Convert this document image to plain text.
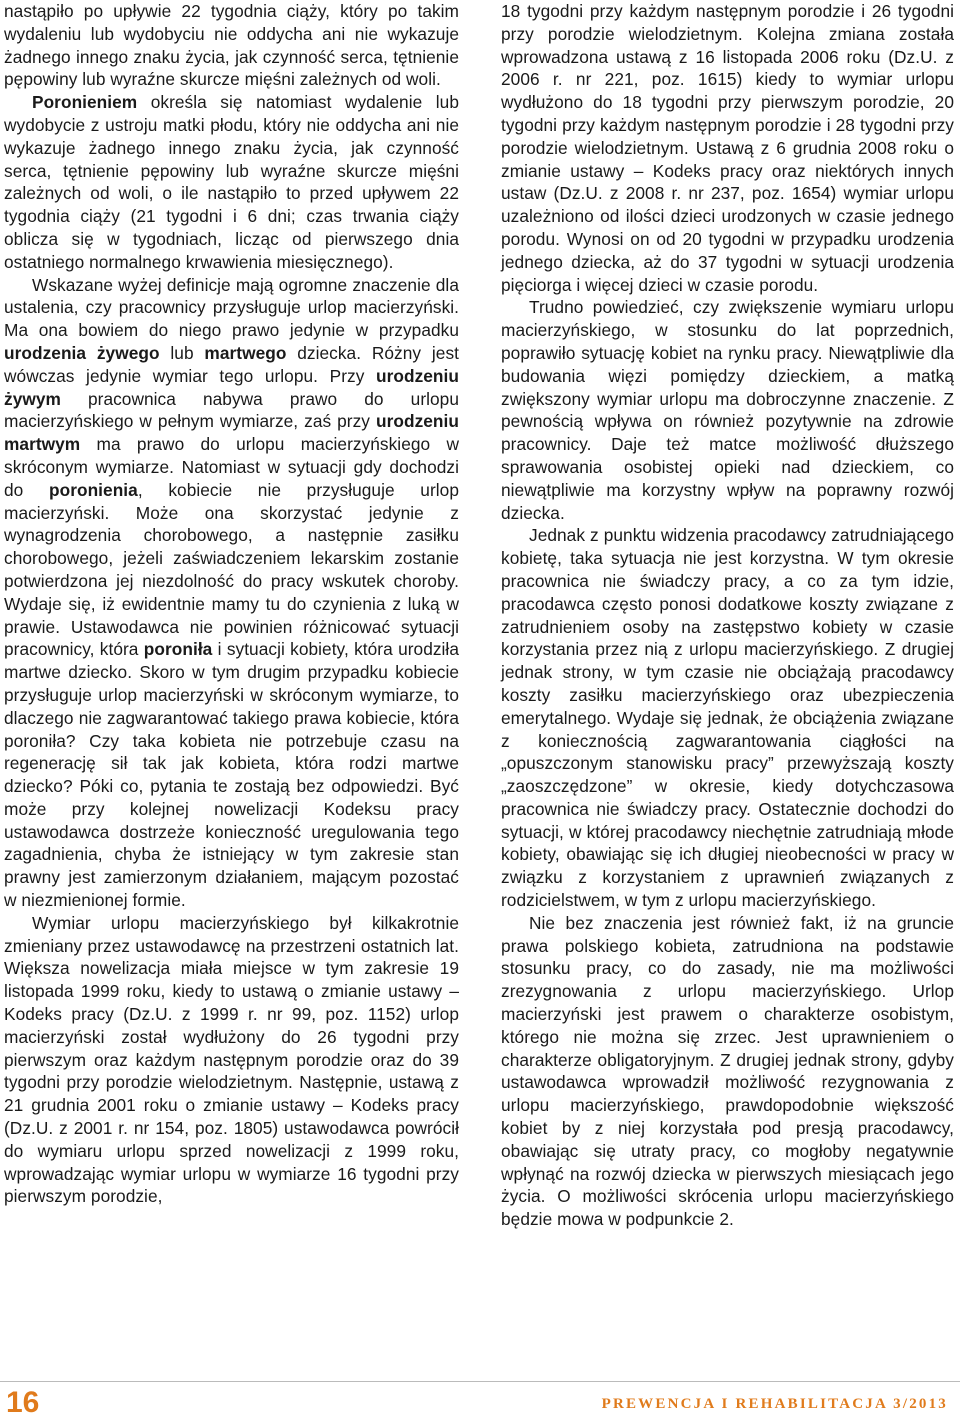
nastąpiło po upływie 22 tygodnia ciąży, który po takim wydaleniu lub wydobyciu nie oddycha ani nie wykazuje żadnego innego znaku życia, jak czynność serca, tętnienie pępowiny lub wyraźne skurcze mięśni zależnych od woli.

Poronieniem określa się natomiast wydalenie lub wydobycie z ustroju matki płodu, który nie oddycha ani nie wykazuje żadnego innego znaku życia, jak czynność serca, tętnienie pępowiny lub wyraźne skurcze mięśni zależnych od woli, o ile nastąpiło to przed upływem 22 tygodnia ciąży (21 tygodni i 6 dni; czas trwania ciąży oblicza się w tygodniach, licząc od pierwszego dnia ostatniego normalnego krwawienia miesięcznego).

Wskazane wyżej definicje mają ogromne znaczenie dla ustalenia, czy pracownicy przysługuje urlop macierzyński. Ma ona bowiem do niego prawo jedynie w przypadku urodzenia żywego lub martwego dziecka. Różny jest wówczas jedynie wymiar tego urlopu. Przy urodzeniu żywym pracownica nabywa prawo do urlopu macierzyńskiego w pełnym wymiarze, zaś przy urodzeniu martwym ma prawo do urlopu macierzyńskiego w skróconym wymiarze. Natomiast w sytuacji gdy dochodzi do poronienia, kobiecie nie przysługuje urlop macierzyński. Może ona skorzystać jedynie z wynagrodzenia chorobowego, a następnie zasiłku chorobowego, jeżeli zaświadczeniem lekarskim zostanie potwierdzona jej niezdolność do pracy wskutek choroby. Wydaje się, iż ewidentnie mamy tu do czynienia z luką w prawie. Ustawodawca nie powinien różnicować sytuacji pracownicy, która poroniła i sytuacji kobiety, która urodziła martwe dziecko. Skoro w tym drugim przypadku kobiecie przysługuje urlop macierzyński w skróconym wymiarze, to dlaczego nie zagwarantować takiego prawa kobiecie, która poroniła? Czy taka kobieta nie potrzebuje czasu na regenerację sił tak jak kobieta, która rodzi martwe dziecko? Póki co, pytania te zostają bez odpowiedzi. Być może przy kolejnej nowelizacji Kodeksu pracy ustawodawca dostrzeże konieczność uregulowania tego zagadnienia, chyba że istniejący w tym zakresie stan prawny jest zamierzonym działaniem, mającym pozostać w niezmienionej formie.

Wymiar urlopu macierzyńskiego był kilkakrotnie zmieniany przez ustawodawcę na przestrzeni ostatnich lat. Większa nowelizacja miała miejsce w tym zakresie 19 listopada 1999 roku, kiedy to ustawą o zmianie ustawy – Kodeks pracy (Dz.U. z 1999 r. nr 99, poz. 1152) urlop macierzyński został wydłużony do 26 tygodni przy pierwszym oraz każdym następnym porodzie oraz do 39 tygodni przy porodzie wielodzietnym. Następnie, ustawą z 21 grudnia 2001 roku o zmianie ustawy – Kodeks pracy (Dz.U. z 2001 r. nr 154, poz. 1805) ustawodawca powrócił do wymiaru urlopu sprzed nowelizacji z 1999 roku, wprowadzając wymiar urlopu w wymiarze 16 tygodni przy pierwszym porodzie,

18 tygodni przy każdym następnym porodzie i 26 tygodni przy porodzie wielodzietnym. Kolejna zmiana została wprowadzona ustawą z 16 listopada 2006 roku (Dz.U. z 2006 r. nr 221, poz. 1615) kiedy to wymiar urlopu wydłużono do 18 tygodni przy pierwszym porodzie, 20 tygodni przy każdym następnym porodzie i 28 tygodni przy porodzie wielodzietnym. Ustawą z 6 grudnia 2008 roku o zmianie ustawy – Kodeks pracy oraz niektórych innych ustaw (Dz.U. z 2008 r. nr 237, poz. 1654) wymiar urlopu uzależniono od ilości dzieci urodzonych w czasie jednego porodu. Wynosi on od 20 tygodni w przypadku urodzenia jednego dziecka, aż do 37 tygodni w sytuacji urodzenia pięciorga i więcej dzieci w czasie porodu.

Trudno powiedzieć, czy zwiększenie wymiaru urlopu macierzyńskiego, w stosunku do lat poprzednich, poprawiło sytuację kobiet na rynku pracy. Niewątpliwie dla budowania więzi pomiędzy dzieckiem, a matką zwiększony wymiar urlopu ma dobroczynne znaczenie. Z pewnością wpływa on również pozytywnie na zdrowie pracownicy. Daje też matce możliwość dłuższego sprawowania osobistej opieki nad dzieckiem, co niewątpliwie ma korzystny wpływ na poprawny rozwój dziecka.

Jednak z punktu widzenia pracodawcy zatrudniającego kobietę, taka sytuacja nie jest korzystna. W tym okresie pracownica nie świadczy pracy, a co za tym idzie, pracodawca często ponosi dodatkowe koszty związane z zatrudnieniem osoby na zastępstwo kobiety w czasie korzystania przez nią z urlopu macierzyńskiego. Z drugiej jednak strony, w tym czasie nie obciążają pracodawcy koszty zasiłku macierzyńskiego oraz ubezpieczenia emerytalnego. Wydaje się jednak, że obciążenia związane z koniecznością zagwarantowania ciągłości na „opuszczonym stanowisku pracy” przewyższają koszty „zaoszczędzone” w okresie, kiedy dotychczasowa pracownica nie świadczy pracy. Ostatecznie dochodzi do sytuacji, w której pracodawcy niechętnie zatrudniają młode kobiety, obawiając się ich długiej nieobecności w pracy w związku z korzystaniem z uprawnień związanych z rodzicielstwem, w tym z urlopu macierzyńskiego.

Nie bez znaczenia jest również fakt, iż na gruncie prawa polskiego kobieta, zatrudniona na podstawie stosunku pracy, co do zasady, nie ma możliwości zrezygnowania z urlopu macierzyńskiego. Urlop macierzyński jest prawem o charakterze osobistym, którego nie można się zrzec. Jest uprawnieniem o charakterze obligatoryjnym. Z drugiej jednak strony, gdyby ustawodawca wprowadził możliwość rezygnowania z urlopu macierzyńskiego, prawdopodobnie większość kobiet by z niej korzystała pod presją pracodawcy, obawiając się utraty pracy, co mogłoby negatywnie wpłynąć na rozwój dziecka w pierwszych miesiącach jego życia. O możliwości skrócenia urlopu macierzyńskiego będzie mowa w podpunkcie 2.

16	PREWENCJA I REHABILITACJA 3/2013
